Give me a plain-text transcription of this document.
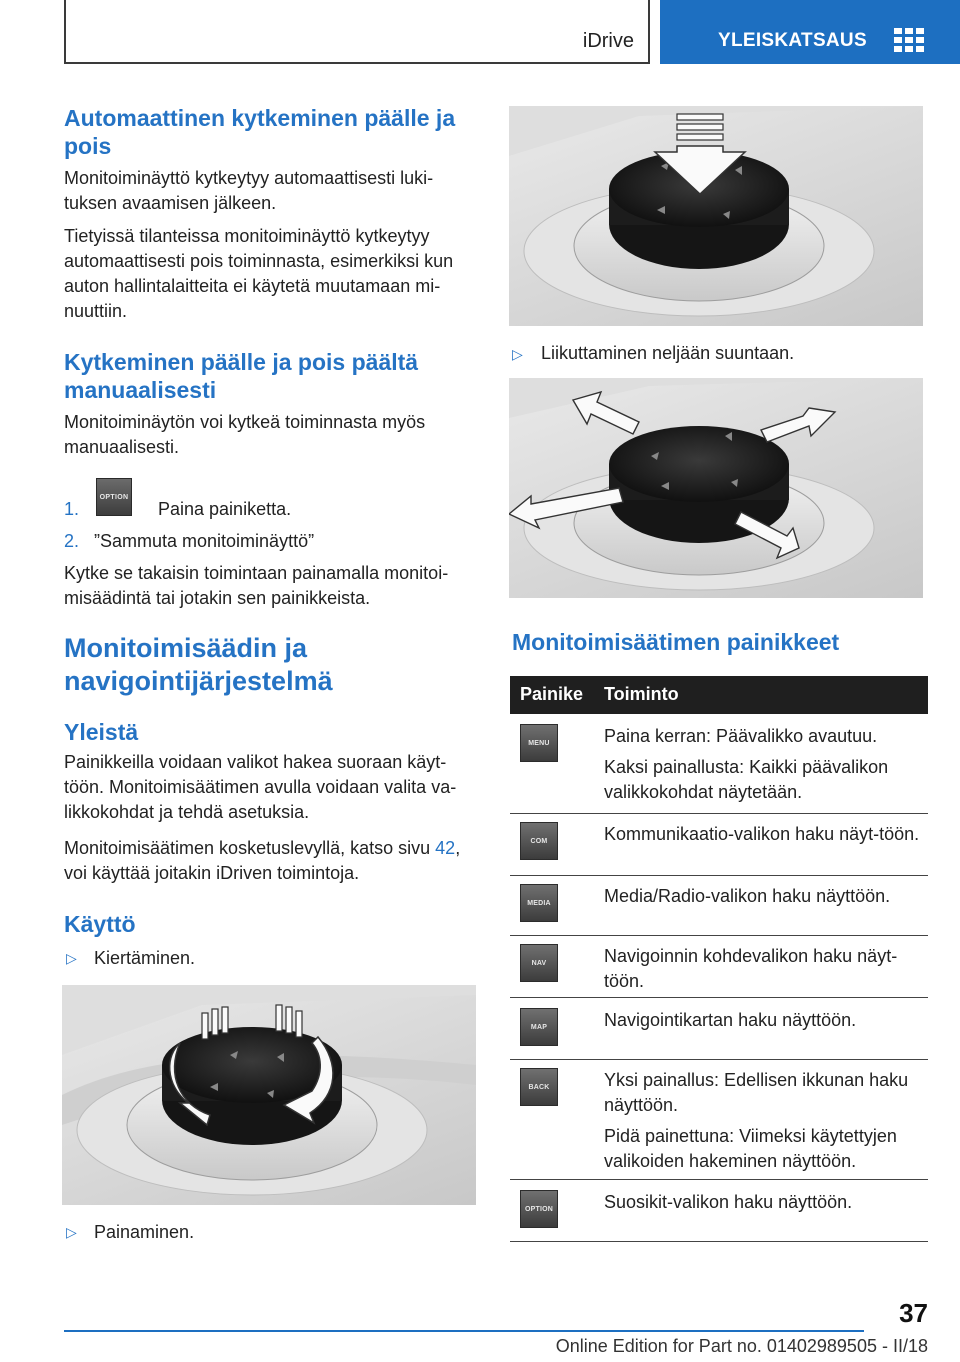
iDrive	YLEISKATSAUS
Automaattinen kytkeminen päälle ja pois
Monitoiminäyttö kytkeytyy automaattisesti luki-tuksen avaamisen jälkeen.
Tietyissä tilanteissa monitoiminäyttö kytkeytyy automaattisesti pois toiminnasta, esimerkiksi kun auton hallintalaitteita ei käytetä muutamaan mi-nuuttiin.
Kytkeminen päälle ja pois päältä manuaalisesti
Monitoiminäytön voi kytkeä toiminnasta myös manuaalisesti.
1.
OPTION
Paina painiketta.
2. ”Sammuta monitoiminäyttö”
Kytke se takaisin toimintaan painamalla monitoi-misäädintä tai jotakin sen painikkeista.
Monitoimisäädin ja navigointijärjestelmä
Yleistä
Painikkeilla voidaan valikot hakea suoraan käyt-töön. Monitoimisäätimen avulla voidaan valita va-likkokohdat ja tehdä asetuksia.
Monitoimisäätimen kosketuslevyllä, katso sivu 42, voi käyttää joitakin iDriven toimintoja.
Käyttö
▷ Kiertäminen.
▷ Painaminen.
▷ Liikuttaminen neljään suuntaan.
Monitoimisäätimen painikkeet
Painike Toiminto
MENU	Paina kerran: Päävalikko avautuu.

Kaksi painallusta: Kaikki päävalikon valikkokohdat näytetään.

COM	Kommunikaatio-valikon haku näyt-töön.

MEDIA	Media/Radio-valikon haku näyttöön.

NAV	Navigoinnin kohdevalikon haku näyt-töön.

MAP	Navigointikartan haku näyttöön.

BACK	Yksi painallus: Edellisen ikkunan haku näyttöön.

Pidä painettuna: Viimeksi käytettyjen valikoiden hakeminen näyttöön.

OPTION	Suosikit-valikon haku näyttöön.

37
Online Edition for Part no. 01402989505 - II/18
